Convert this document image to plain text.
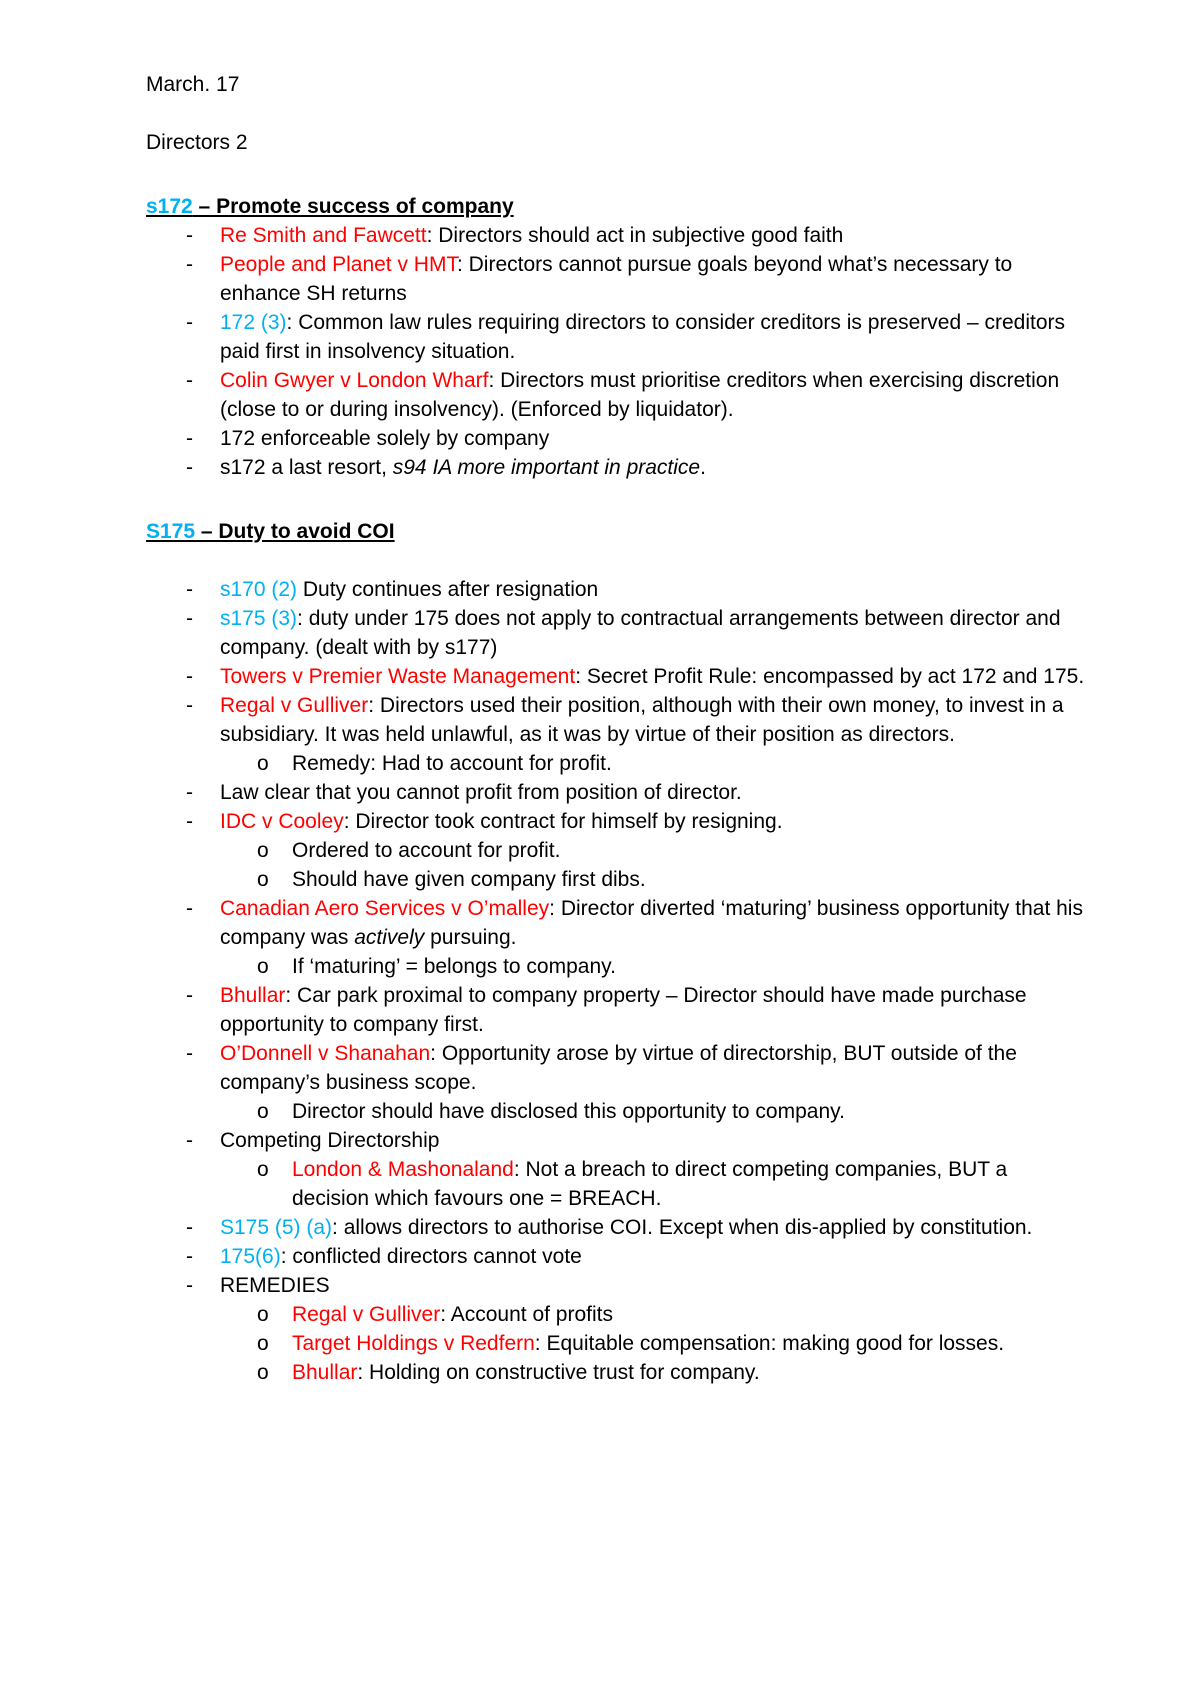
March. 17
Directors 2
s172 – Promote success of company
- Re Smith and Fawcett: Directors should act in subjective good faith
- People and Planet v HMT: Directors cannot pursue goals beyond what’s necessary to enhance SH returns
- 172 (3): Common law rules requiring directors to consider creditors is preserved – creditors paid first in insolvency situation.
- Colin Gwyer v London Wharf: Directors must prioritise creditors when exercising discretion (close to or during insolvency). (Enforced by liquidator).
- 172 enforceable solely by company
- s172 a last resort, s94 IA more important in practice.
S175 – Duty to avoid COI
- s170 (2) Duty continues after resignation
- s175 (3): duty under 175 does not apply to contractual arrangements between director and company. (dealt with by s177)
- Towers v Premier Waste Management: Secret Profit Rule: encompassed by act 172 and 175.
- Regal v Gulliver: Directors used their position, although with their own money, to invest in a subsidiary. It was held unlawful, as it was by virtue of their position as directors.
o Remedy: Had to account for profit.
- Law clear that you cannot profit from position of director.
- IDC v Cooley: Director took contract for himself by resigning.
o Ordered to account for profit.
o Should have given company first dibs.
- Canadian Aero Services v O’malley: Director diverted ‘maturing’ business opportunity that his company was actively pursuing.
o If ‘maturing’ = belongs to company.
- Bhullar: Car park proximal to company property – Director should have made purchase opportunity to company first.
- O’Donnell v Shanahan: Opportunity arose by virtue of directorship, BUT outside of the company’s business scope.
o Director should have disclosed this opportunity to company.
- Competing Directorship
o London & Mashonaland: Not a breach to direct competing companies, BUT a decision which favours one = BREACH.
- S175 (5) (a): allows directors to authorise COI. Except when dis-applied by constitution.
- 175(6): conflicted directors cannot vote
- REMEDIES
o Regal v Gulliver: Account of profits
o Target Holdings v Redfern: Equitable compensation: making good for losses.
o Bhullar: Holding on constructive trust for company.
